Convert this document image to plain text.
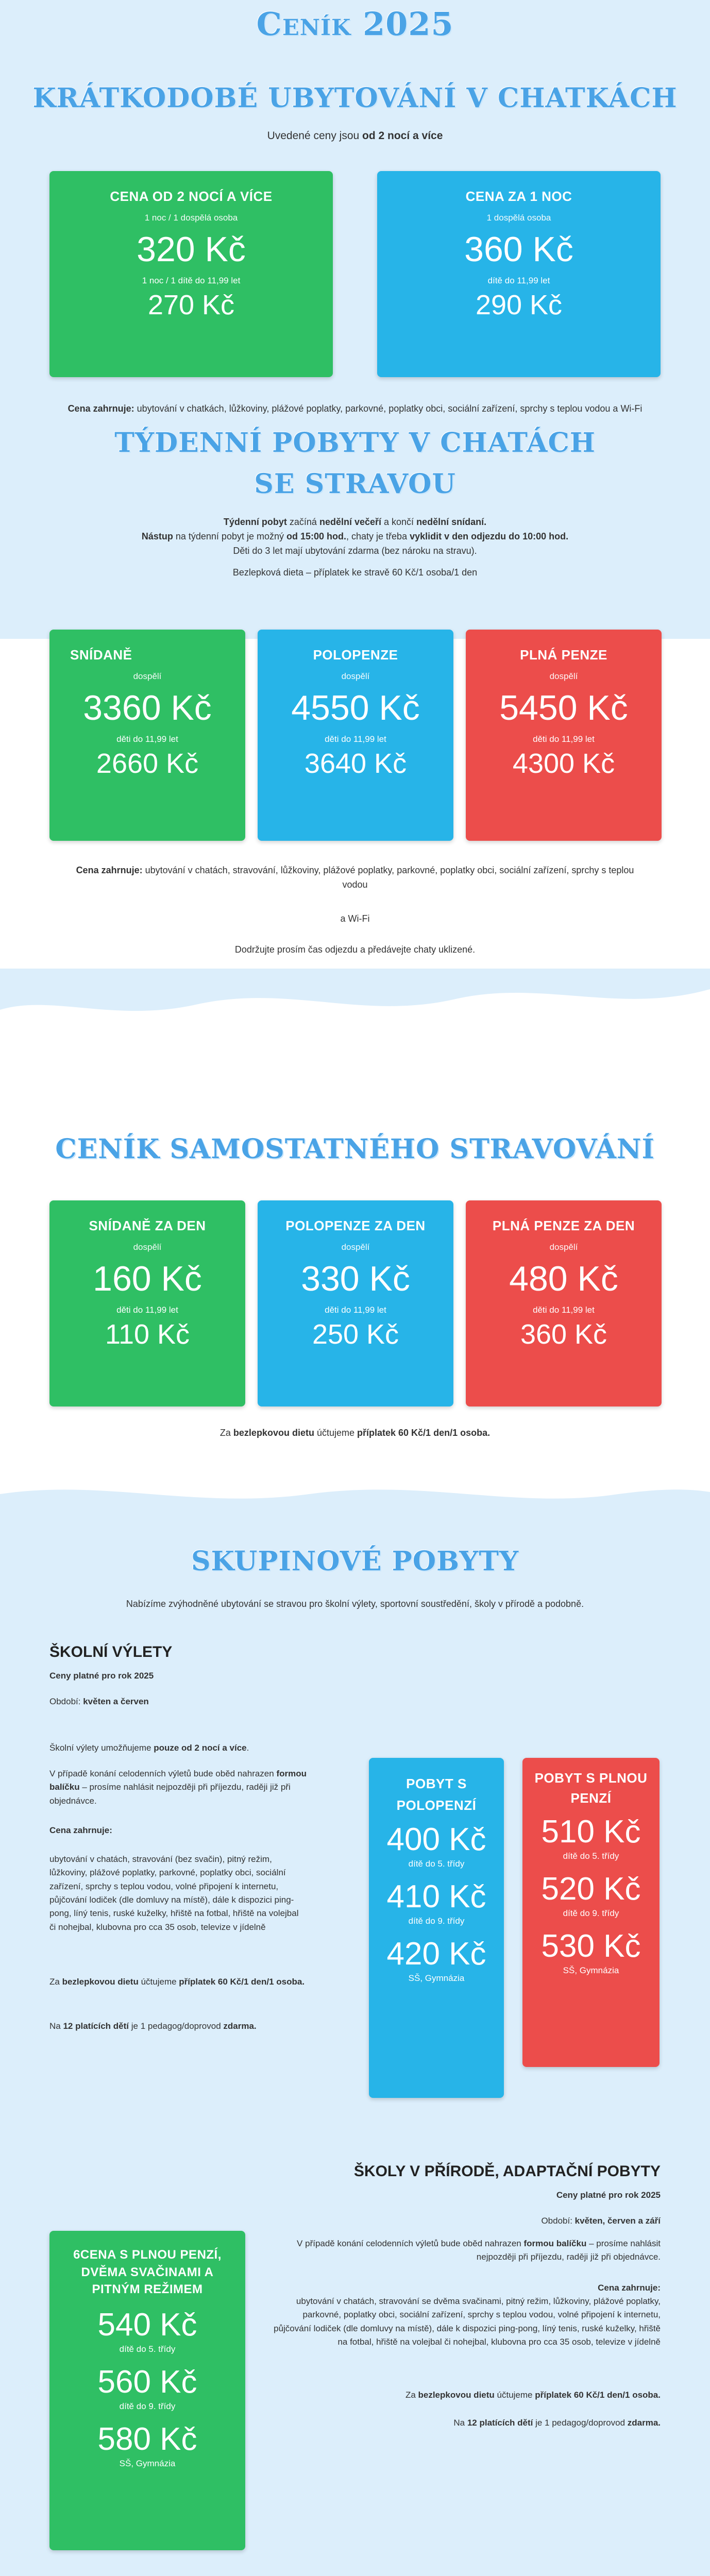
Ceník 2025
KRÁTKODOBÉ UBYTOVÁNÍ V CHATKÁCH
Uvedené ceny jsou od 2 nocí a více
CENA OD 2 NOCÍ A VÍCE
1 noc / 1 dospělá osoba
320 Kč
1 noc / 1 dítě do 11,99 let
270 Kč
CENA ZA 1 NOC
1 dospělá osoba
360 Kč
dítě do 11,99 let
290 Kč
Cena zahrnuje: ubytování v chatkách, lůžkoviny, plážové poplatky, parkovné, poplatky obci, sociální zařízení, sprchy s teplou vodou a Wi-Fi
TÝDENNÍ POBYTY V CHATÁCH SE STRAVOU
Týdenní pobyt začíná nedělní večeří a končí nedělní snídaní.
Nástup na týdenní pobyt je možný od 15:00 hod., chaty je třeba vyklidit v den odjezdu do 10:00 hod.
Děti do 3 let mají ubytování zdarma (bez nároku na stravu).
Bezlepková dieta – příplatek ke stravě 60 Kč/1 osoba/1 den
SNÍDANĚ
dospělí
3360 Kč
děti do 11,99 let
2660 Kč
POLOPENZE
dospělí
4550 Kč
děti do 11,99 let
3640 Kč
PLNÁ PENZE
dospělí
5450 Kč
děti do 11,99 let
4300 Kč
Cena zahrnuje: ubytování v chatách, stravování, lůžkoviny, plážové poplatky, parkovné, poplatky obci, sociální zařízení, sprchy s teplou vodou
a Wi-Fi
Dodržujte prosím čas odjezdu a předávejte chaty uklizené.
CENÍK SAMOSTATNÉHO STRAVOVÁNÍ
SNÍDANĚ ZA DEN
dospělí
160 Kč
děti do 11,99 let
110 Kč
POLOPENZE ZA DEN
dospělí
330 Kč
děti do 11,99 let
250 Kč
PLNÁ PENZE ZA DEN
dospělí
480 Kč
děti do 11,99 let
360 Kč
Za bezlepkovou dietu účtujeme příplatek 60 Kč/1 den/1 osoba.
SKUPINOVÉ POBYTY
Nabízíme zvýhodněné ubytování se stravou pro školní výlety, sportovní soustředění, školy v přírodě a podobně.
ŠKOLNÍ VÝLETY
Ceny platné pro rok 2025
Období: květen a červen
Školní výlety umožňujeme pouze od 2 nocí a více.
V případě konání celodenních výletů bude oběd nahrazen formou balíčku – prosíme nahlásit nejpozději při příjezdu, raději již při objednávce.
Cena zahrnuje:
ubytování v chatách, stravování (bez svačin), pitný režim, lůžkoviny, plážové poplatky, parkovné, poplatky obci, sociální zařízení, sprchy s teplou vodou, volné připojení k internetu, půjčování lodiček (dle domluvy na místě), dále k dispozici ping-pong, líný tenis, ruské kuželky, hřiště na fotbal, hřiště na volejbal či nohejbal, klubovna pro cca 35 osob, televize v jídelně
Za bezlepkovou dietu účtujeme příplatek 60 Kč/1 den/1 osoba.
Na 12 platících dětí je 1 pedagog/doprovod zdarma.
POBYT S POLOPENZÍ
400 Kč
dítě do 5. třídy
410 Kč
dítě do 9. třídy
420 Kč
SŠ, Gymnázia
POBYT S PLNOU PENZÍ
510 Kč
dítě do 5. třídy
520 Kč
dítě do 9. třídy
530 Kč
SŠ, Gymnázia
ŠKOLY V PŘÍRODĚ, ADAPTAČNÍ POBYTY
Ceny platné pro rok 2025
Období: květen, červen a září
V případě konání celodenních výletů bude oběd nahrazen formou balíčku – prosíme nahlásit nejpozději při příjezdu, raději již při objednávce.
Cena zahrnuje:
ubytování v chatách, stravování se dvěma svačinami, pitný režim, lůžkoviny, plážové poplatky, parkovné, poplatky obci, sociální zařízení, sprchy s teplou vodou, volné připojení k internetu, půjčování lodiček (dle domluvy na místě), dále k dispozici ping-pong, líný tenis, ruské kuželky, hřiště na fotbal, hřiště na volejbal či nohejbal, klubovna pro cca 35 osob, televize v jídelně
Za bezlepkovou dietu účtujeme příplatek 60 Kč/1 den/1 osoba.
Na 12 platících dětí je 1 pedagog/doprovod zdarma.
6CENA S PLNOU PENZÍ, DVĚMA SVAČINAMI A PITNÝM REŽIMEM
540 Kč
dítě do 5. třídy
560 Kč
dítě do 9. třídy
580 Kč
SŠ, Gymnázia
